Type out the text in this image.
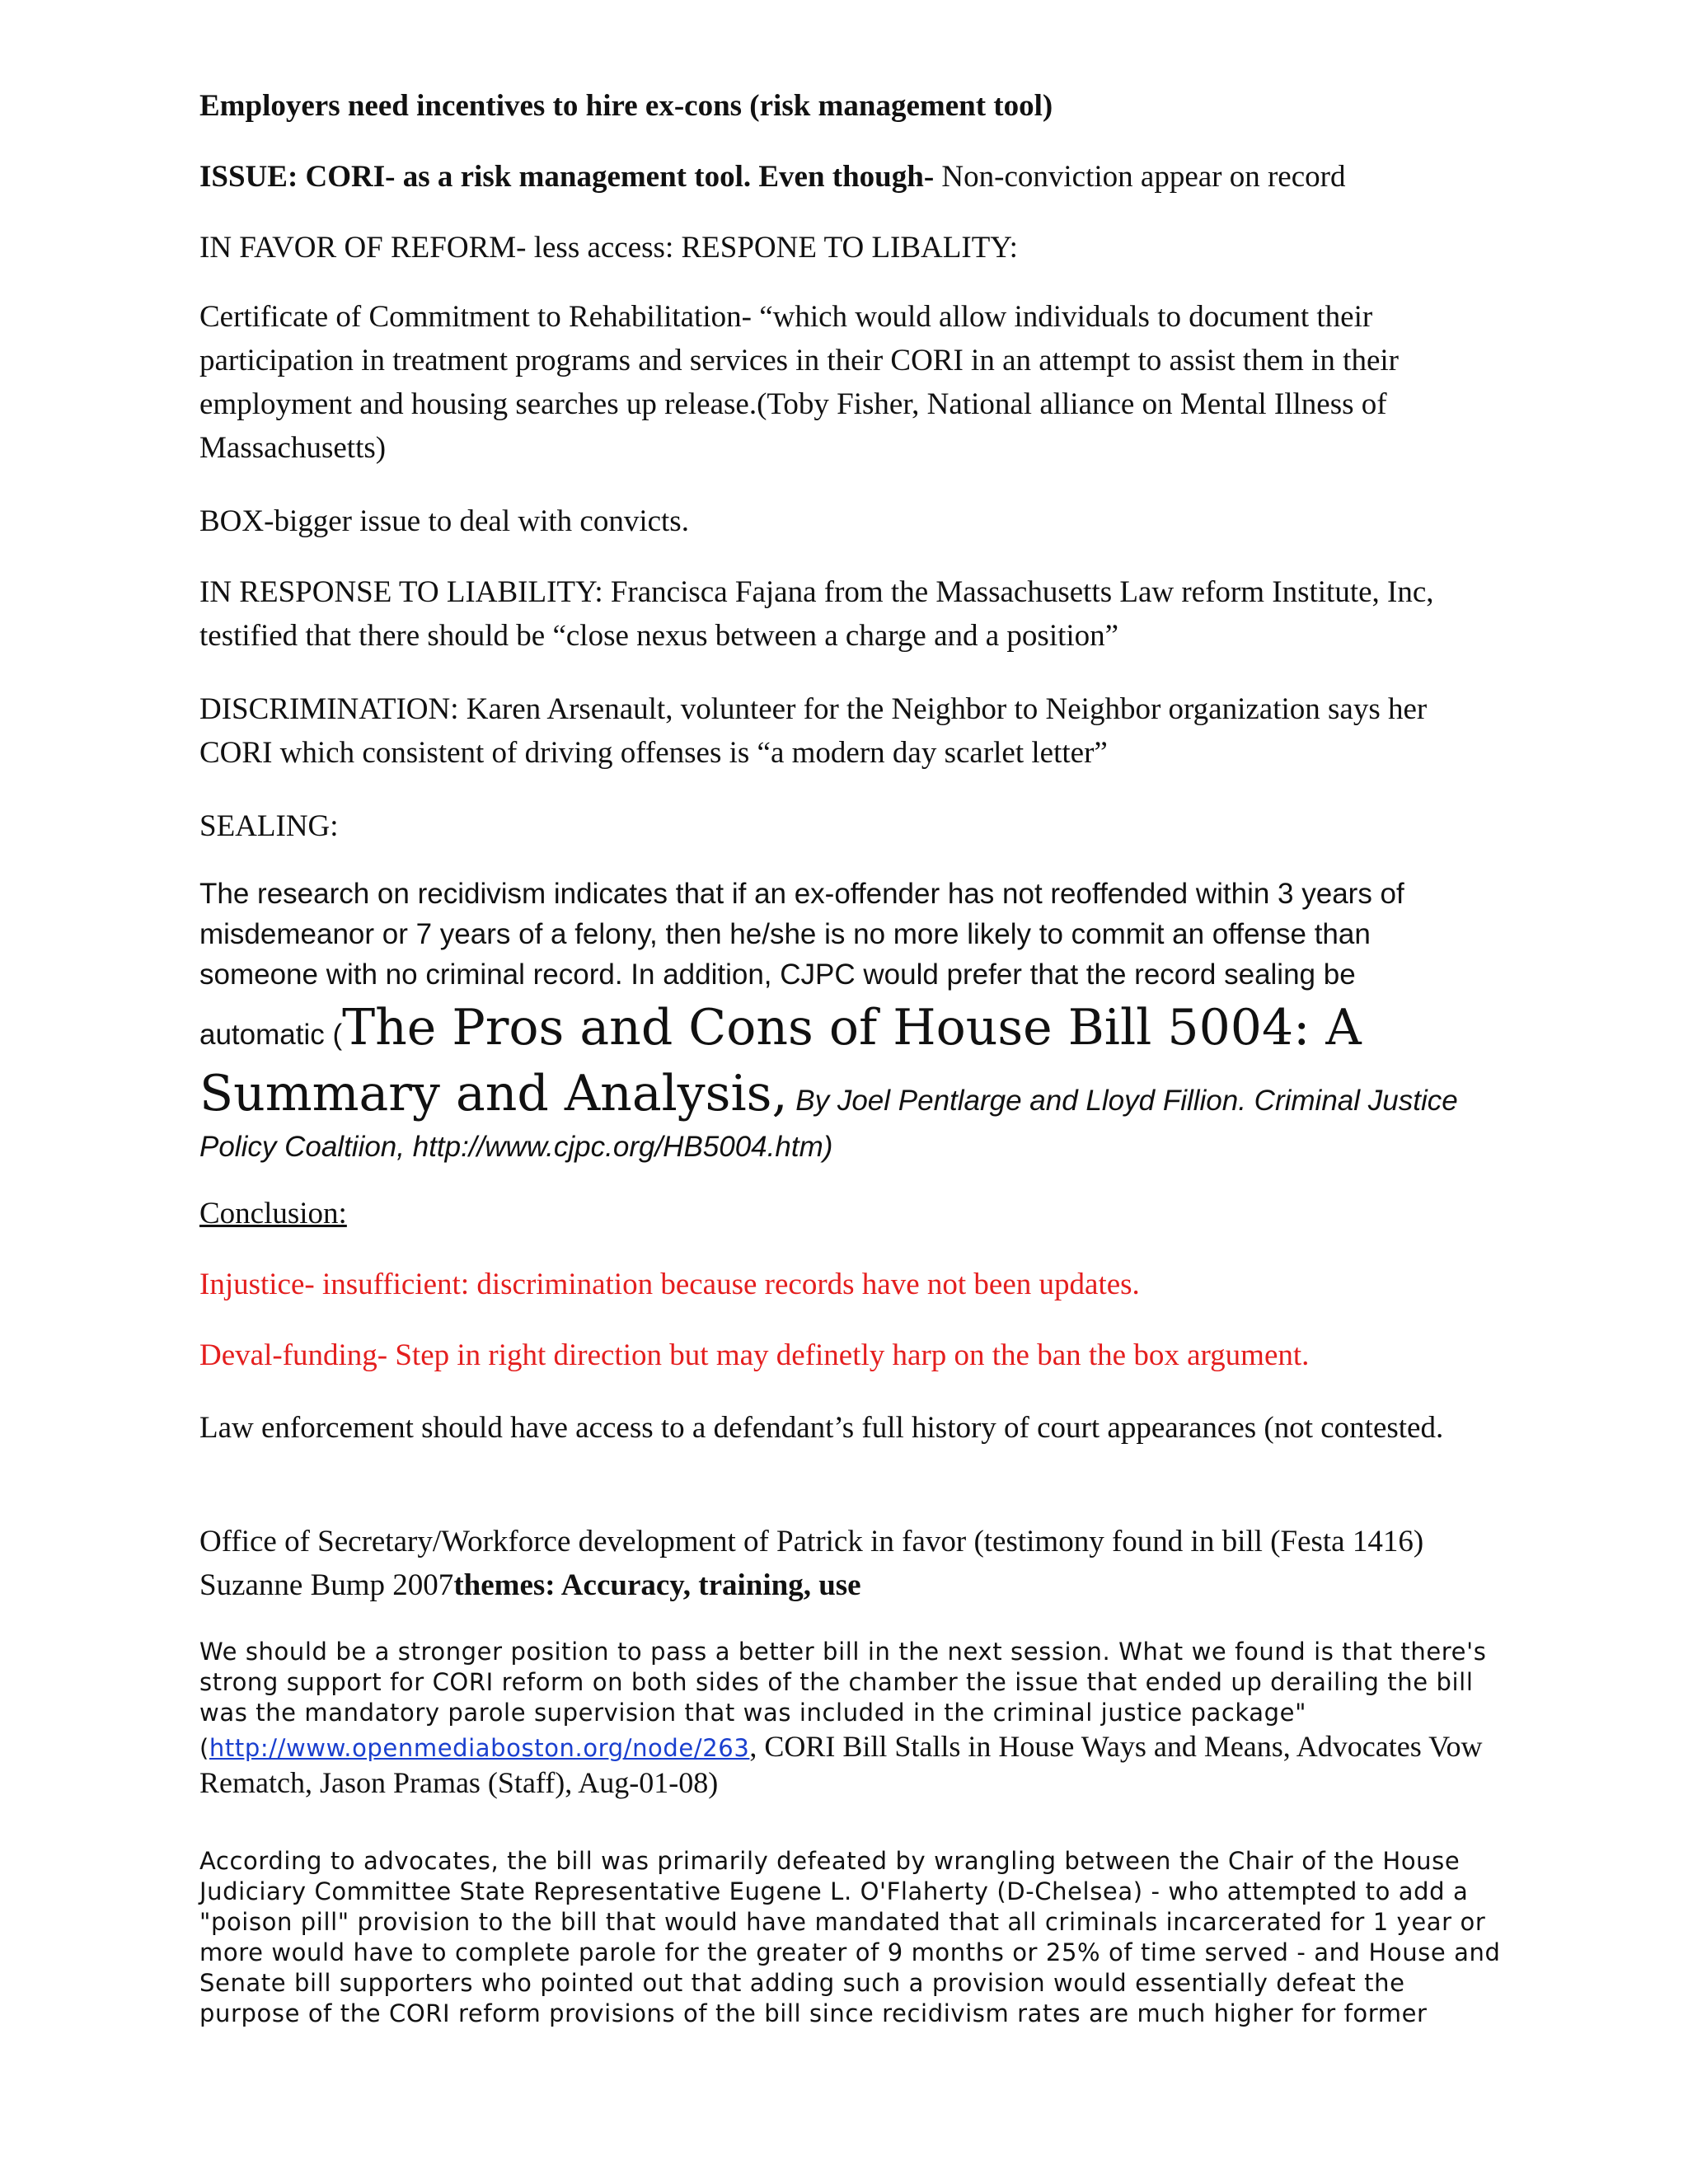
Employers need incentives to hire ex-cons (risk management tool)

ISSUE: CORI- as a risk management tool. Even though- Non-conviction appear on record

IN FAVOR OF REFORM- less access: RESPONE TO LIBALITY:

Certificate of Commitment to Rehabilitation- “which would allow individuals to document their participation in treatment programs and services in their CORI in an attempt to assist them in their employment and housing searches up release.(Toby Fisher, National alliance on Mental Illness of Massachusetts)

BOX-bigger issue to deal with convicts.

IN RESPONSE TO LIABILITY: Francisca Fajana from the Massachusetts Law reform Institute, Inc, testified that there should be “close nexus between a charge and a position”

DISCRIMINATION: Karen Arsenault, volunteer for the Neighbor to Neighbor organization says her CORI which consistent of driving offenses is “a modern day scarlet letter”

SEALING:

The research on recidivism indicates that if an ex-offender has not reoffended within 3 years of misdemeanor or 7 years of a felony, then he/she is no more likely to commit an offense than someone with no criminal record. In addition, CJPC would prefer that the record sealing be automatic (The Pros and Cons of House Bill 5004: A Summary and Analysis, By Joel Pentlarge and Lloyd Fillion. Criminal Justice Policy Coaltiion, http://www.cjpc.org/HB5004.htm)

Conclusion:

Injustice- insufficient: discrimination because records have not been updates.

Deval-funding- Step in right direction but may definetly harp on the ban the box argument.

Law enforcement should have access to a defendant’s full history of court appearances (not contested.

Office of Secretary/Workforce development of Patrick in favor (testimony found in bill (Festa 1416) Suzanne Bump 2007themes: Accuracy, training, use

We should be a stronger position to pass a better bill in the next session. What we found is that there's strong support for CORI reform on both sides of the chamber the issue that ended up derailing the bill was the mandatory parole supervision that was included in the criminal justice package"(http://www.openmediaboston.org/node/263, CORI Bill Stalls in House Ways and Means, Advocates Vow Rematch, Jason Pramas (Staff), Aug-01-08)

According to advocates, the bill was primarily defeated by wrangling between the Chair of the House Judiciary Committee State Representative Eugene L. O'Flaherty (D-Chelsea) - who attempted to add a "poison pill" provision to the bill that would have mandated that all criminals incarcerated for 1 year or more would have to complete parole for the greater of 9 months or 25% of time served - and House and Senate bill supporters who pointed out that adding such a provision would essentially defeat the purpose of the CORI reform provisions of the bill since recidivism rates are much higher for former
